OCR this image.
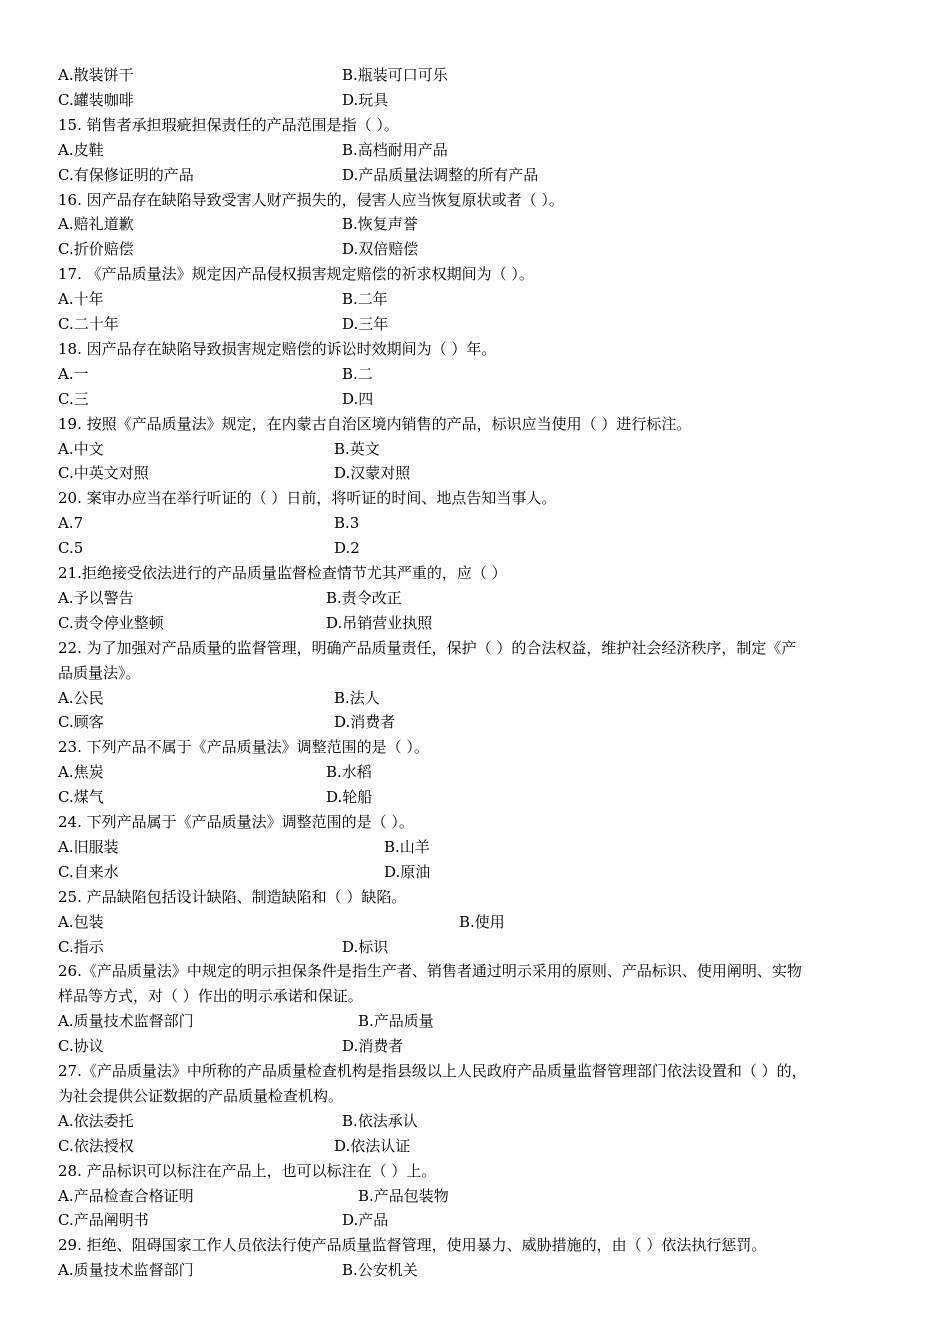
A.散装饼干	B.瓶装可口可乐
C.罐装咖啡	D.玩具
15. 销售者承担瑕疵担保责任的产品范围是指（ ）。
A.皮鞋	B.高档耐用产品
C.有保修证明的产品	D.产品质量法调整的所有产品
16. 因产品存在缺陷导致受害人财产损失的，侵害人应当恢复原状或者（ ）。
A.赔礼道歉	B.恢复声誉
C.折价赔偿	D.双倍赔偿
17. 《产品质量法》规定因产品侵权损害规定赔偿的祈求权期间为（ ）。
A.十年	B.二年
C.二十年	D.三年
18. 因产品存在缺陷导致损害规定赔偿的诉讼时效期间为（ ）年。
A.一	B.二
C.三	D.四
19. 按照《产品质量法》规定，在内蒙古自治区境内销售的产品，标识应当使用（ ）进行标注。
A.中文	B.英文
C.中英文对照	D.汉蒙对照
20. 案审办应当在举行听证的（ ）日前，将听证的时间、地点告知当事人。
A.7	B.3
C.5	D.2
21.拒绝接受依法进行的产品质量监督检查情节尤其严重的，应（ ）
A.予以警告	B.责令改正
C.责令停业整顿	D.吊销营业执照
22. 为了加强对产品质量的监督管理，明确产品质量责任，保护（ ）的合法权益，维护社会经济秩序，制定《产
品质量法》。
A.公民	B.法人
C.顾客	D.消费者
23. 下列产品不属于《产品质量法》调整范围的是（ ）。
A.焦炭	B.水稻
C.煤气	D.轮船
24. 下列产品属于《产品质量法》调整范围的是（ ）。
A.旧服装	B.山羊
C.自来水	D.原油
25. 产品缺陷包括设计缺陷、制造缺陷和（ ）缺陷。
A.包装	B.使用
C.指示	D.标识
26.《产品质量法》中规定的明示担保条件是指生产者、销售者通过明示采用的原则、产品标识、使用阐明、实物
样品等方式，对（ ）作出的明示承诺和保证。
A.质量技术监督部门	B.产品质量
C.协议	D.消费者
27.《产品质量法》中所称的产品质量检查机构是指县级以上人民政府产品质量监督管理部门依法设置和（ ）的，
为社会提供公证数据的产品质量检查机构。
A.依法委托	B.依法承认
C.依法授权	D.依法认证
28. 产品标识可以标注在产品上，也可以标注在（ ）上。
A.产品检查合格证明	B.产品包装物
C.产品阐明书	D.产品
29. 拒绝、阻碍国家工作人员依法行使产品质量监督管理，使用暴力、威胁措施的，由（ ）依法执行惩罚。
A.质量技术监督部门	B.公安机关
